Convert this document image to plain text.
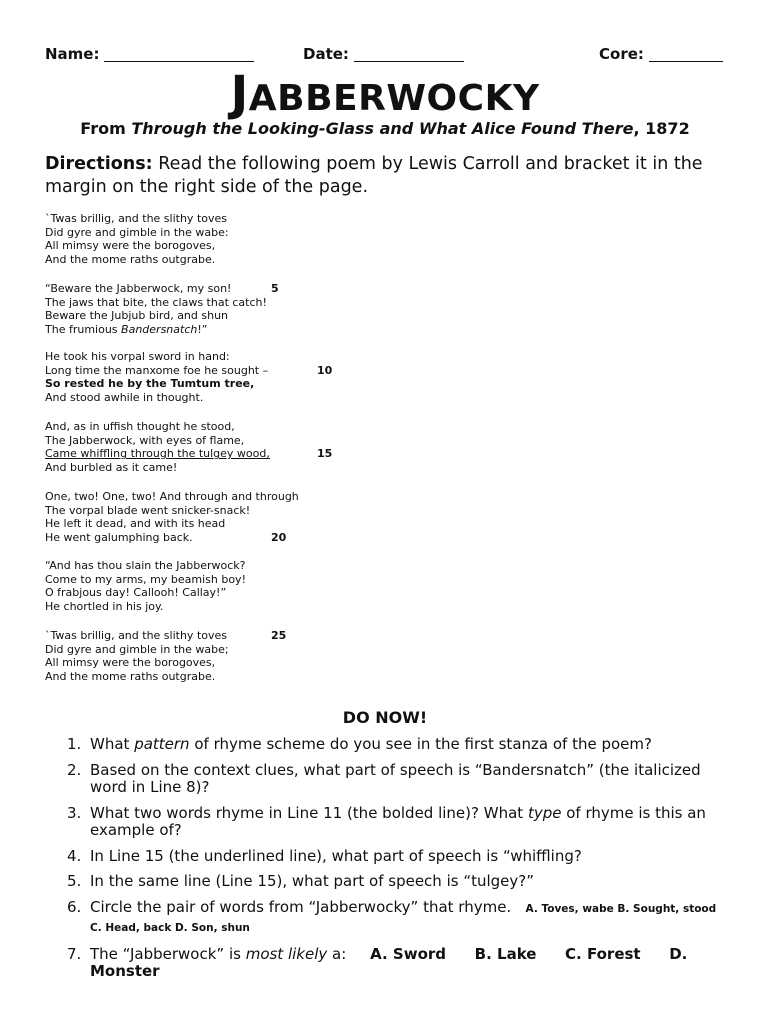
Name:	Date:	Core:
JABBERWOCKY
From Through the Looking-Glass and What Alice Found There, 1872
Directions: Read the following poem by Lewis Carroll and bracket it in the margin on the right side of the page.
`Twas brillig, and the slithy toves
Did gyre and gimble in the wabe:
All mimsy were the borogoves,
And the mome raths outgrabe.
“Beware the Jabberwock, my son!	5
The jaws that bite, the claws that catch!
Beware the Jubjub bird, and shun
The frumious Bandersnatch!”
He took his vorpal sword in hand:
Long time the manxome foe he sought –	10
So rested he by the Tumtum tree,
And stood awhile in thought.
And, as in uffish thought he stood,
The Jabberwock, with eyes of flame,
Came whiffling through the tulgey wood,	15
And burbled as it came!
One, two! One, two! And through and through
The vorpal blade went snicker-snack!
He left it dead, and with its head
He went galumphing back.	20
“And has thou slain the Jabberwock?
Come to my arms, my beamish boy!
O frabjous day! Callooh! Callay!”
He chortled in his joy.
`Twas brillig, and the slithy toves	25
Did gyre and gimble in the wabe;
All mimsy were the borogoves,
And the mome raths outgrabe.
DO NOW!
1. What pattern of rhyme scheme do you see in the first stanza of the poem?
2. Based on the context clues, what part of speech is “Bandersnatch” (the italicized word in Line 8)?
3. What two words rhyme in Line 11 (the bolded line)? What type of rhyme is this an example of?
4. In Line 15 (the underlined line), what part of speech is “whiffling?
5. In the same line (Line 15), what part of speech is “tulgey?”
6. Circle the pair of words from “Jabberwocky” that rhyme. A. Toves, wabe B. Sought, stood C. Head, back D. Son, shun
7. The “Jabberwock” is most likely a: A. Sword B. Lake C. Forest D. Monster
